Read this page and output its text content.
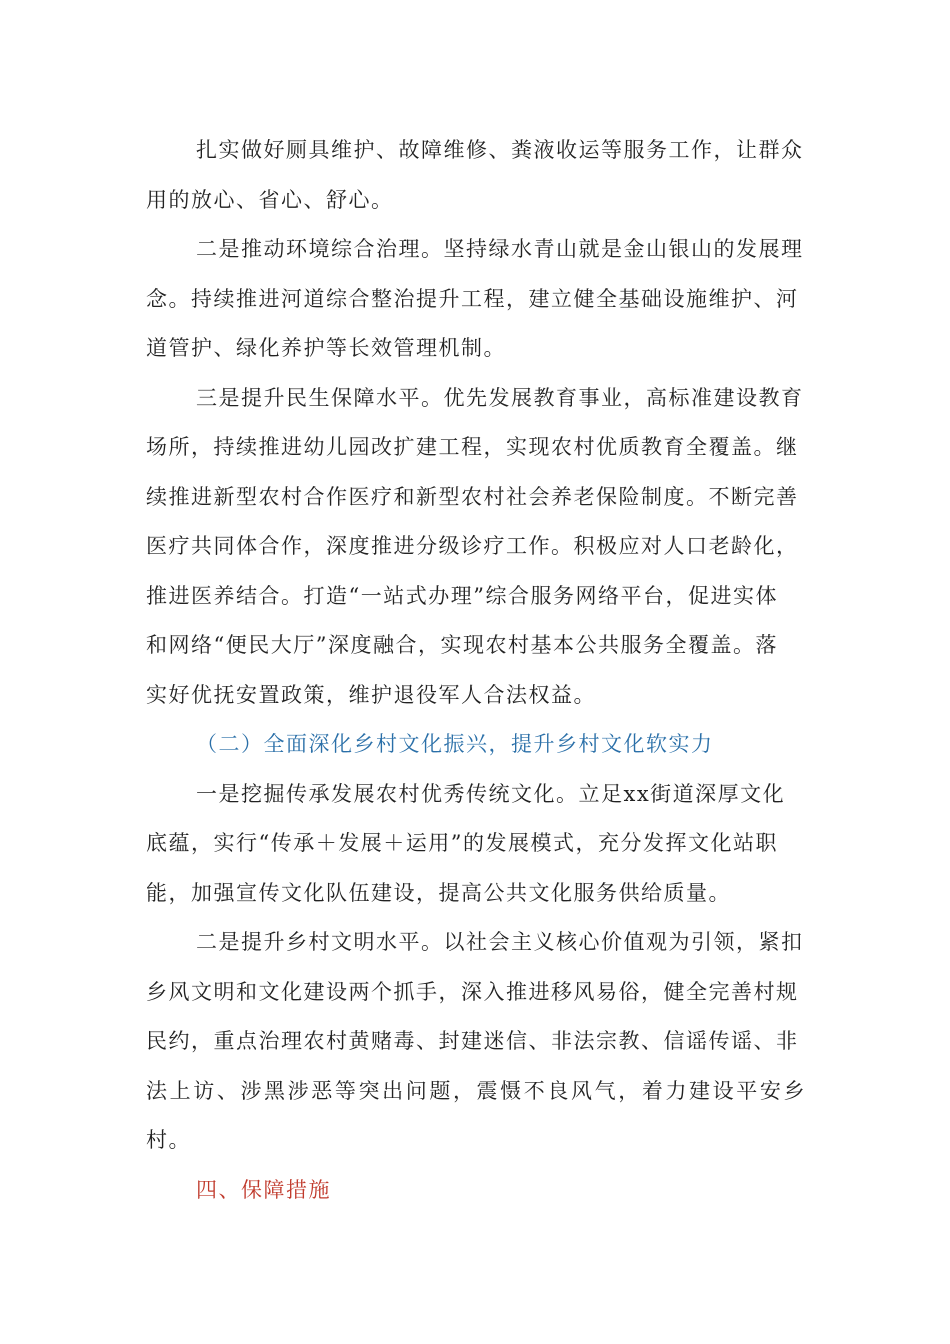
扎实做好厕具维护、故障维修、粪液收运等服务工作，让群众
用的放心、省心、舒心。

二是推动环境综合治理。坚持绿水青山就是金山银山的发展理
念。持续推进河道综合整治提升工程，建立健全基础设施维护、河
道管护、绿化养护等长效管理机制。

三是提升民生保障水平。优先发展教育事业，高标准建设教育
场所，持续推进幼儿园改扩建工程，实现农村优质教育全覆盖。继
续推进新型农村合作医疗和新型农村社会养老保险制度。不断完善
医疗共同体合作，深度推进分级诊疗工作。积极应对人口老龄化，
推进医养结合。打造“一站式办理”综合服务网络平台，促进实体
和网络“便民大厅”深度融合，实现农村基本公共服务全覆盖。落
实好优抚安置政策，维护退役军人合法权益。

（二）全面深化乡村文化振兴，提升乡村文化软实力

一是挖掘传承发展农村优秀传统文化。立足xx街道深厚文化
底蕴，实行“传承＋发展＋运用”的发展模式，充分发挥文化站职
能，加强宣传文化队伍建设，提高公共文化服务供给质量。

二是提升乡村文明水平。以社会主义核心价值观为引领，紧扣
乡风文明和文化建设两个抓手，深入推进移风易俗，健全完善村规
民约，重点治理农村黄赌毒、封建迷信、非法宗教、信谣传谣、非
法上访、涉黑涉恶等突出问题，震慑不良风气，着力建设平安乡村。

四、保障措施
